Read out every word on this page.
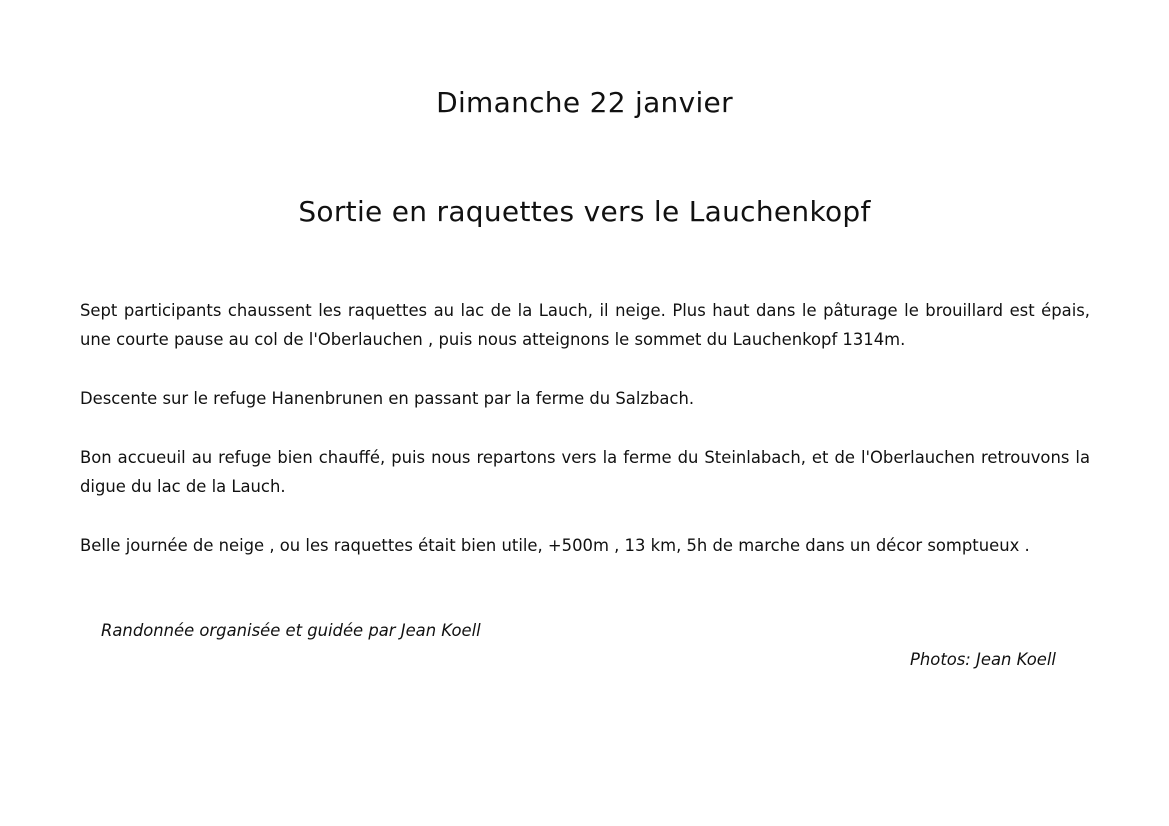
Dimanche 22 janvier
Sortie en raquettes vers le Lauchenkopf
Sept participants chaussent les raquettes au lac de la Lauch, il neige. Plus haut dans le pâturage le brouillard est épais, une courte pause au col de l'Oberlauchen , puis nous atteignons le sommet du Lauchenkopf 1314m.
Descente sur le refuge Hanenbrunen en passant par la ferme du Salzbach.
Bon accueuil au refuge bien chauffé, puis nous repartons vers la ferme du Steinlabach, et de l'Oberlauchen retrouvons la digue du lac de la Lauch.
Belle journée de neige , ou les raquettes était bien utile, +500m , 13 km, 5h de marche dans un décor somptueux .
Randonnée organisée et guidée par Jean Koell
Photos: Jean Koell
